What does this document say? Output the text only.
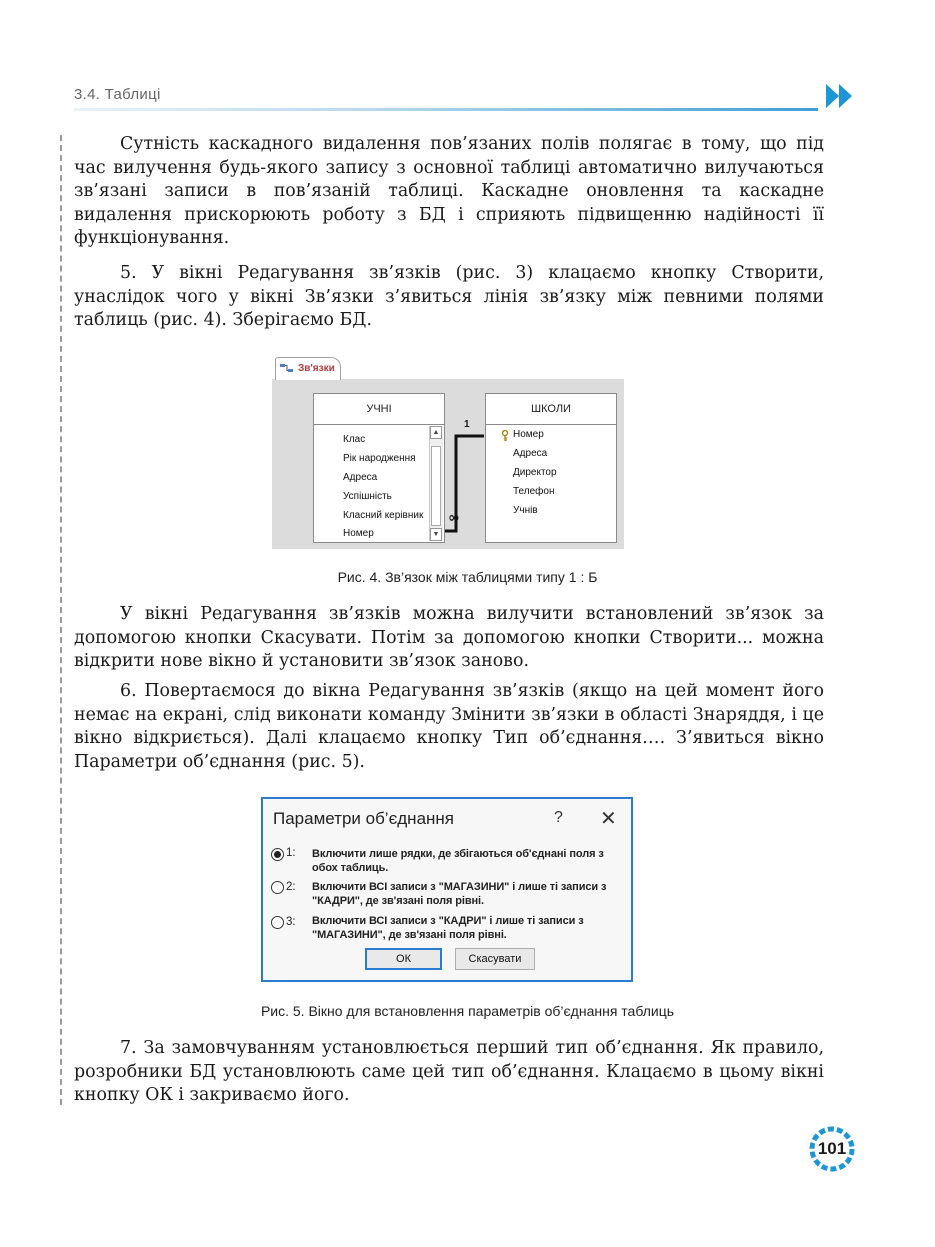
3.4. Таблиці

Сутність каскадного видалення пов’язаних полів полягає в тому, що під час вилучення будь-якого запису з основної таблиці автоматично вилучаються зв’язані записи в пов’язаній таблиці. Каскадне оновлення та каскадне видалення прискорюють роботу з БД і сприяють підвищенню надійності її функціонування.

5. У вікні Редагування зв’язків (рис. 3) клацаємо кнопку Створити, унаслідок чого у вікні Зв’язки з’явиться лінія зв’язку між певними полями таблиць (рис. 4). Зберігаємо БД.

Зв'язки
УЧНІ
Клас
Рік народження
Адреса
Успішність
Класний керівник
Номер
▲
▼
ШКОЛИ
Номер
Адреса
Директор
Телефон
Учнів
1
∞
Рис. 4. Зв’язок між таблицями типу 1 : Б

У вікні Редагування зв’язків можна вилучити встановлений зв’язок за допомогою кнопки Скасувати. Потім за допомогою кнопки Створити... можна відкрити нове вікно й установити зв’язок заново.

6. Повертаємося до вікна Редагування зв’язків (якщо на цей момент його немає на екрані, слід виконати команду Змінити зв’язки в області Знаряддя, і це вікно відкриється). Далі клацаємо кнопку Тип об’єднання…. З’явиться вікно Параметри об’єднання (рис. 5).

Параметри об’єднання	? ✕
1: Включити лише рядки, де збігаються об'єднані поля з обох таблиць.
2: Включити ВСІ записи з "МАГАЗИНИ" і лише ті записи з "КАДРИ", де зв'язані поля рівні.
3: Включити ВСІ записи з "КАДРИ" і лише ті записи з "МАГАЗИНИ", де зв'язані поля рівні.
ОК	Скасувати
Рис. 5. Вікно для встановлення параметрів об’єднання таблиць

7. За замовчуванням установлюється перший тип об’єднання. Як правило, розробники БД установлюють саме цей тип об’єднання. Клацаємо в цьому вікні кнопку ОК і закриваємо його.

101
